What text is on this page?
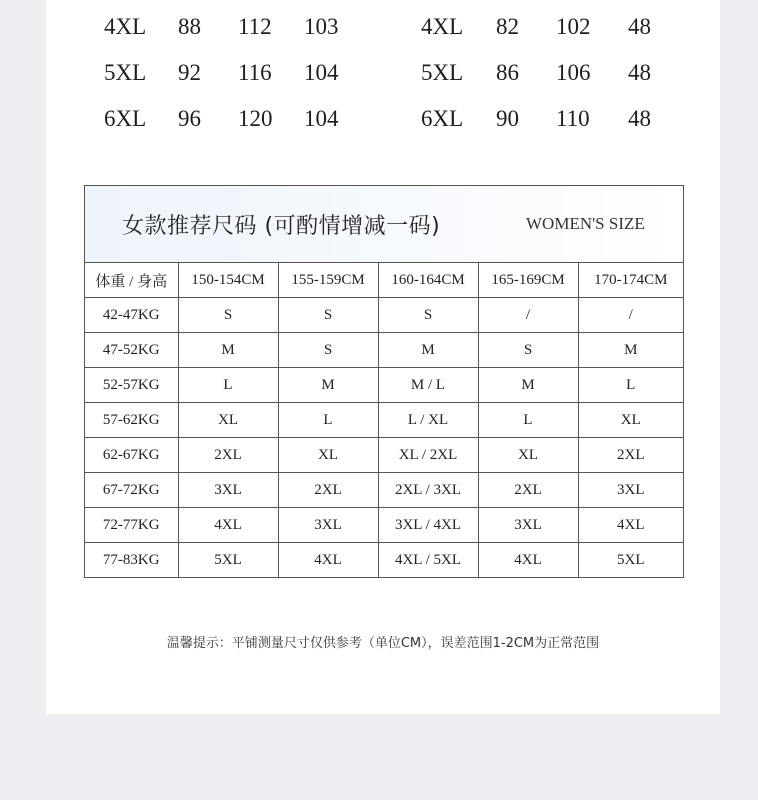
4XL 88 112 103	4XL 82 102 48
5XL 92 116 104	5XL 86 106 48
6XL 96 120 104	6XL 90 110 48
女款推荐尺码 (可酌情增减一码)	WOMEN'S SIZE
体重 / 身高	150-154CM	155-159CM	160-164CM	165-169CM	170-174CM
42-47KG	S	S	S	/	/
47-52KG	M	S	M	S	M
52-57KG	L	M	M / L	M	L
57-62KG	XL	L	L / XL	L	XL
62-67KG	2XL	XL	XL / 2XL	XL	2XL
67-72KG	3XL	2XL	2XL / 3XL	2XL	3XL
72-77KG	4XL	3XL	3XL / 4XL	3XL	4XL
77-83KG	5XL	4XL	4XL / 5XL	4XL	5XL
温馨提示：平铺测量尺寸仅供参考（单位CM），误差范围1-2CM为正常范围
